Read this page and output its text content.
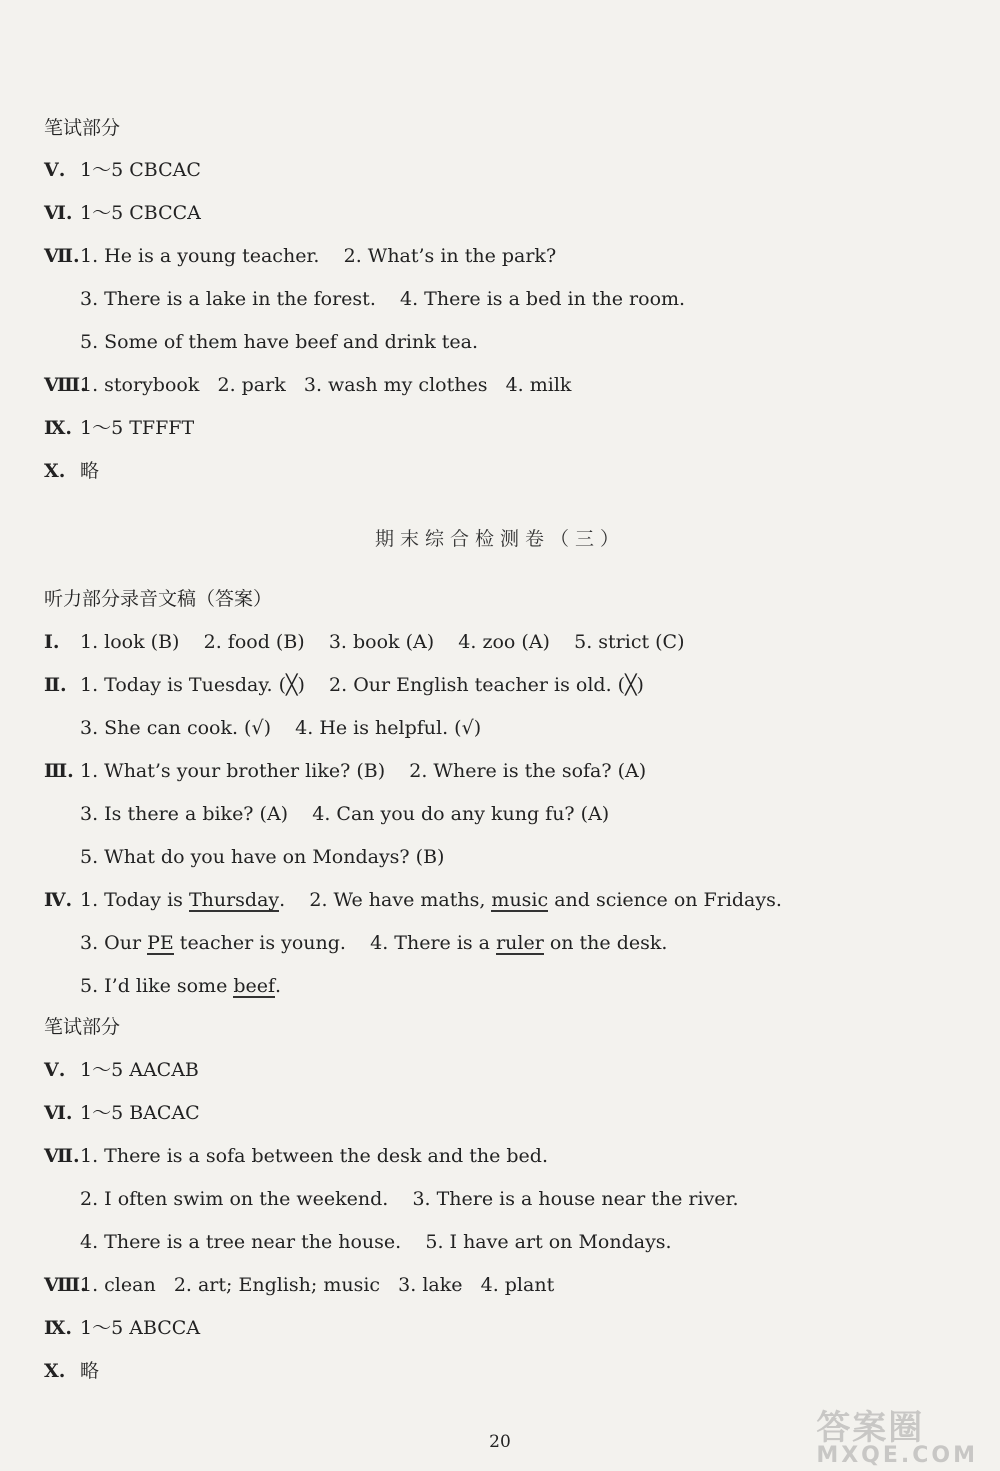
笔试部分
Ⅴ. 1～5 CBCAC
Ⅵ. 1～5 CBCCA
Ⅶ.1. He is a young teacher.    2. What’s in the park?
3. There is a lake in the forest.    4. There is a bed in the room.
5. Some of them have beef and drink tea.
Ⅷ.1. storybook   2. park   3. wash my clothes   4. milk
Ⅸ. 1～5 TFFFT
Ⅹ. 略
期末综合检测卷（三）
听力部分录音文稿（答案）
Ⅰ. 1. look (B)    2. food (B)    3. book (A)    4. zoo (A)    5. strict (C)
Ⅱ. 1. Today is Tuesday. (╳)    2. Our English teacher is old. (╳)
3. She can cook. (√)    4. He is helpful. (√)
Ⅲ. 1. What’s your brother like? (B)    2. Where is the sofa? (A)
3. Is there a bike? (A)    4. Can you do any kung fu? (A)
5. What do you have on Mondays? (B)
Ⅳ. 1. Today is Thursday.    2. We have maths, music and science on Fridays.
3. Our PE teacher is young.    4. There is a ruler on the desk.
5. I’d like some beef.
笔试部分
Ⅴ. 1～5 AACAB
Ⅵ. 1～5 BACAC
Ⅶ.1. There is a sofa between the desk and the bed.
2. I often swim on the weekend.    3. There is a house near the river.
4. There is a tree near the house.    5. I have art on Mondays.
Ⅷ.1. clean   2. art; English; music   3. lake   4. plant
Ⅸ. 1～5 ABCCA
Ⅹ. 略
20	答案圈
MXQE.COM
